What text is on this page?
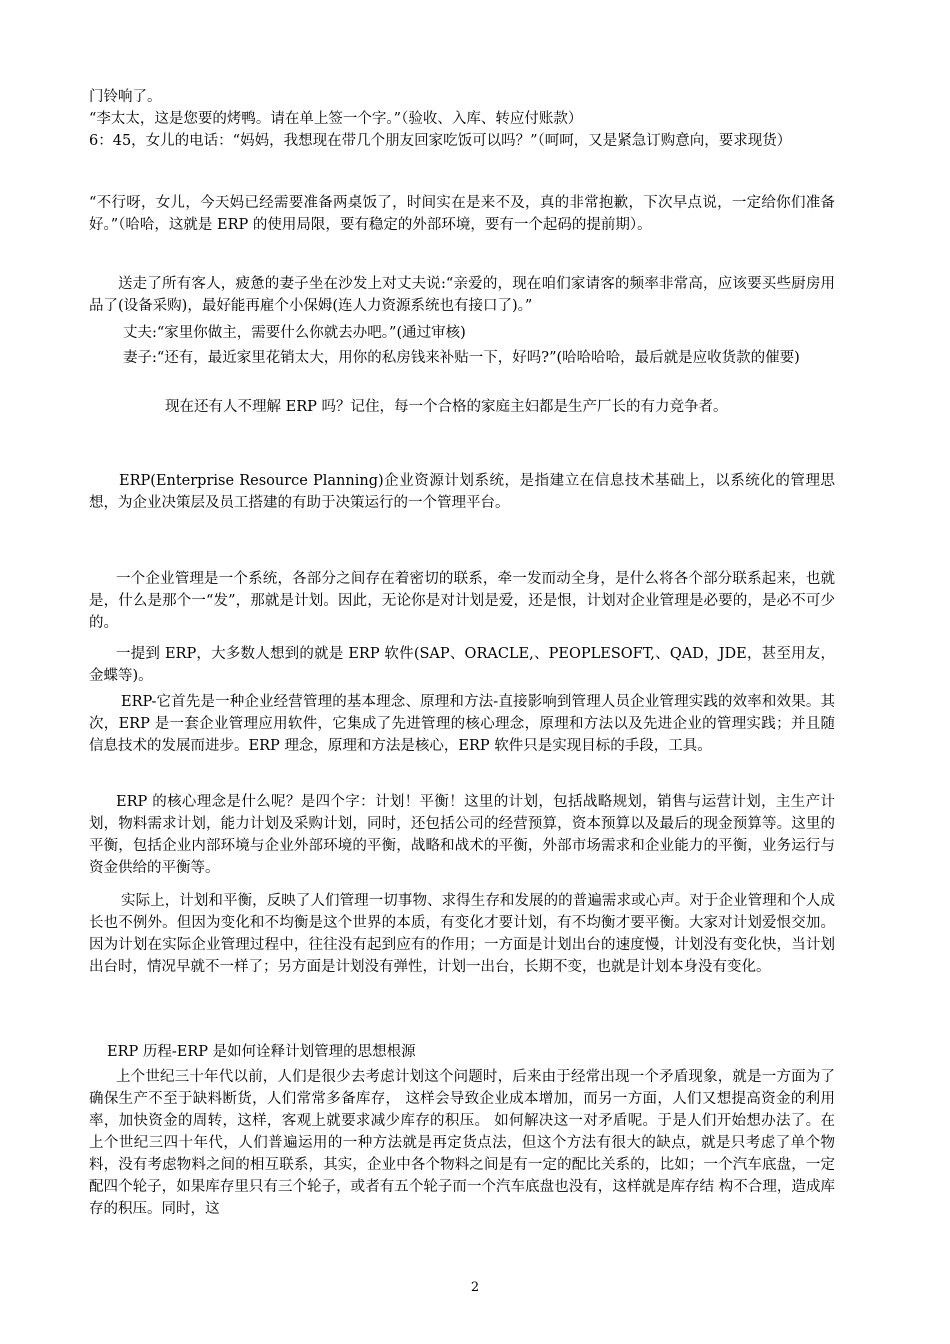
门铃响了。

“李太太，这是您要的烤鸭。请在单上签一个字。”（验收、入库、转应付账款）

6：45，女儿的电话：“妈妈，我想现在带几个朋友回家吃饭可以吗？”（呵呵，又是紧急订购意向，要求现货）

“不行呀，女儿，今天妈已经需要准备两桌饭了，时间实在是来不及，真的非常抱歉，下次早点说，一定给你们准备好。”（哈哈，这就是 ERP 的使用局限，要有稳定的外部环境，要有一个起码的提前期）。

送走了所有客人，疲惫的妻子坐在沙发上对丈夫说:“亲爱的，现在咱们家请客的频率非常高，应该要买些厨房用品了(设备采购)，最好能再雇个小保姆(连人力资源系统也有接口了)。”

丈夫:“家里你做主，需要什么你就去办吧。”(通过审核)

妻子:“还有，最近家里花销太大，用你的私房钱来补贴一下，好吗?”(哈哈哈哈，最后就是应收货款的催要)

现在还有人不理解 ERP 吗？记住，每一个合格的家庭主妇都是生产厂长的有力竞争者。

ERP(Enterprise Resource Planning)企业资源计划系统，是指建立在信息技术基础上，以系统化的管理思想，为企业决策层及员工搭建的有助于决策运行的一个管理平台。

一个企业管理是一个系统，各部分之间存在着密切的联系，牵一发而动全身，是什么将各个部分联系起来，也就是，什么是那个一“发”，那就是计划。因此，无论你是对计划是爱，还是恨，计划对企业管理是必要的，是必不可少的。

一提到 ERP，大多数人想到的就是 ERP 软件(SAP、ORACLE,、PEOPLESOFT,、QAD，JDE，甚至用友，金蝶等)。

ERP-它首先是一种企业经营管理的基本理念、原理和方法-直接影响到管理人员企业管理实践的效率和效果。其次，ERP 是一套企业管理应用软件，它集成了先进管理的核心理念，原理和方法以及先进企业的管理实践；并且随信息技术的发展而进步。ERP 理念，原理和方法是核心，ERP 软件只是实现目标的手段，工具。

ERP 的核心理念是什么呢？是四个字：计划！平衡！这里的计划，包括战略规划，销售与运营计划，主生产计划，物料需求计划，能力计划及采购计划，同时，还包括公司的经营预算，资本预算以及最后的现金预算等。这里的平衡，包括企业内部环境与企业外部环境的平衡，战略和战术的平衡，外部市场需求和企业能力的平衡，业务运行与资金供给的平衡等。

实际上，计划和平衡，反映了人们管理一切事物、求得生存和发展的的普遍需求或心声。对于企业管理和个人成长也不例外。但因为变化和不均衡是这个世界的本质，有变化才要计划，有不均衡才要平衡。大家对计划爱恨交加。因为计划在实际企业管理过程中，往往没有起到应有的作用；一方面是计划出台的速度慢，计划没有变化快，当计划出台时，情况早就不一样了；另方面是计划没有弹性，计划一出台，长期不变，也就是计划本身没有变化。

ERP 历程-ERP 是如何诠释计划管理的思想根源

上个世纪三十年代以前，人们是很少去考虑计划这个问题时，后来由于经常出现一个矛盾现象，就是一方面为了确保生产不至于缺料断货，人们常常多备库存， 这样会导致企业成本增加，而另一方面，人们又想提高资金的利用率，加快资金的周转，这样，客观上就要求减少库存的积压。 如何解决这一对矛盾呢。于是人们开始想办法了。在 上个世纪三四十年代，人们普遍运用的一种方法就是再定货点法，但这个方法有很大的缺点，就是只考虑了单个物料，没有考虑物料之间的相互联系，其实，企业中各个物料之间是有一定的配比关系的，比如；一个汽车底盘，一定配四个轮子，如果库存里只有三个轮子，或者有五个轮子而一个汽车底盘也没有，这样就是库存结 构不合理，造成库存的积压。同时，这

2
